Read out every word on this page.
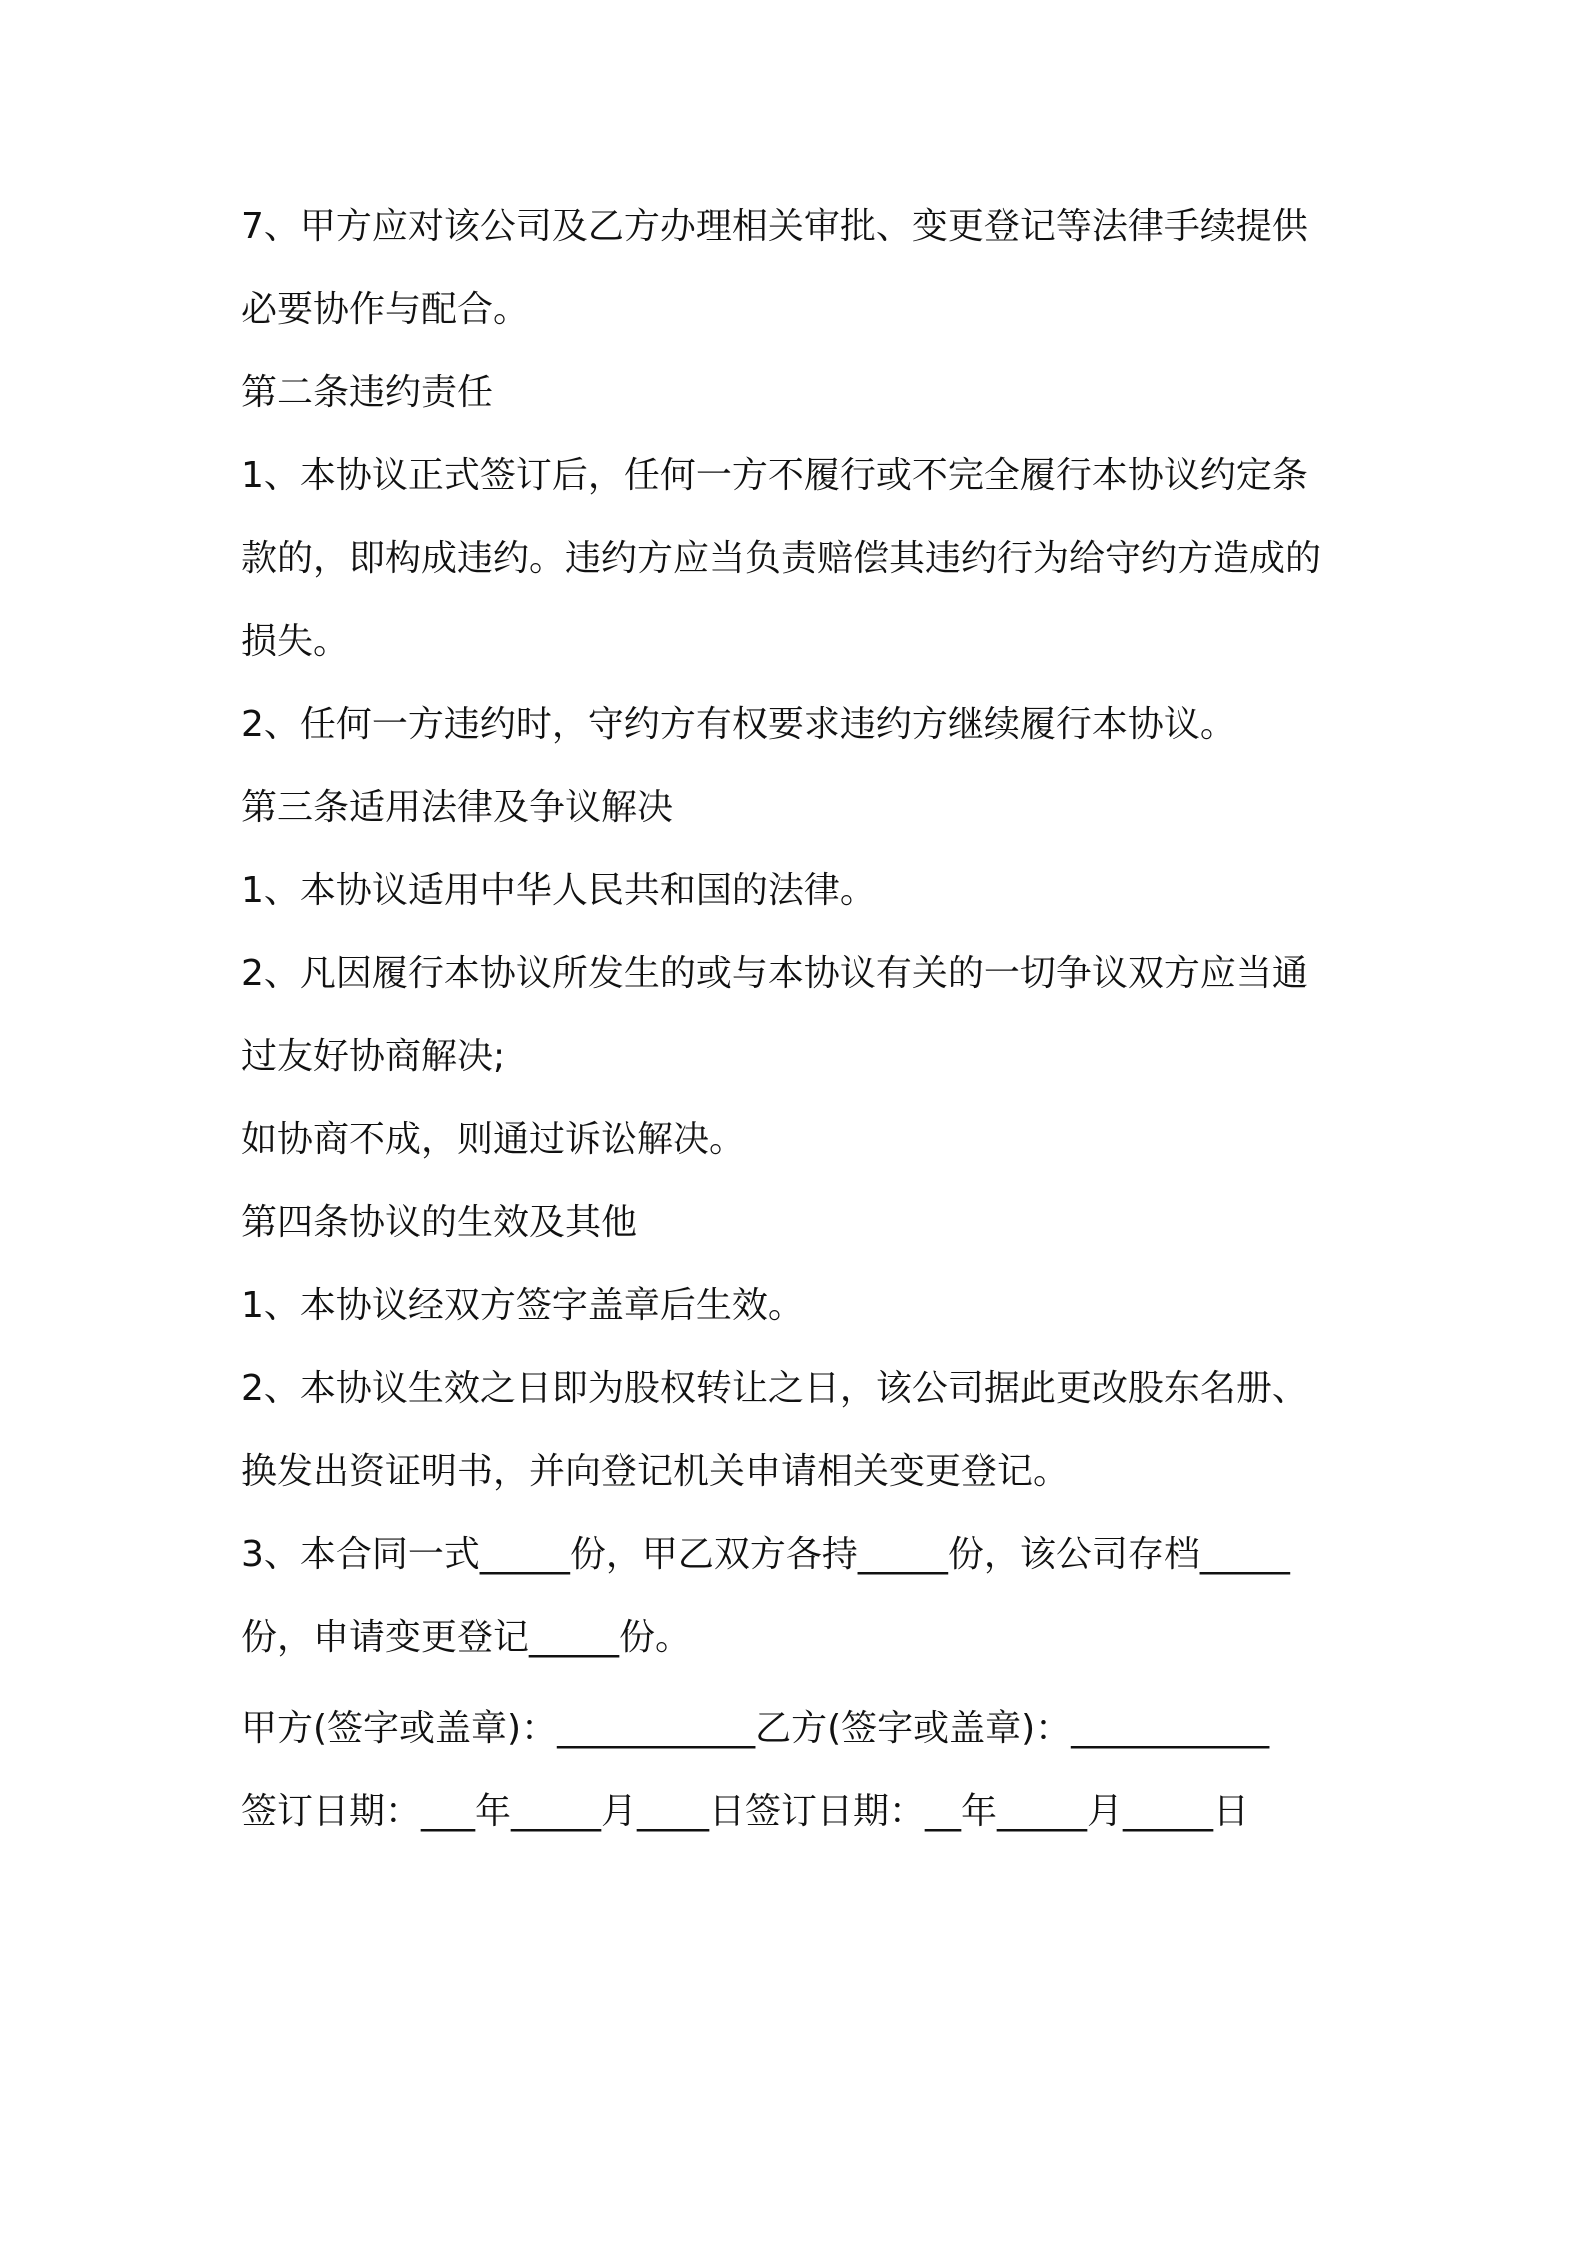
7、甲方应对该公司及乙方办理相关审批、变更登记等法律手续提供
必要协作与配合。
第二条违约责任
1、本协议正式签订后，任何一方不履行或不完全履行本协议约定条
款的，即构成违约。违约方应当负责赔偿其违约行为给守约方造成的
损失。
2、任何一方违约时，守约方有权要求违约方继续履行本协议。
第三条适用法律及争议解决
1、本协议适用中华人民共和国的法律。
2、凡因履行本协议所发生的或与本协议有关的一切争议双方应当通
过友好协商解决;
如协商不成，则通过诉讼解决。
第四条协议的生效及其他
1、本协议经双方签字盖章后生效。
2、本协议生效之日即为股权转让之日，该公司据此更改股东名册、
换发出资证明书，并向登记机关申请相关变更登记。
3、本合同一式_____份，甲乙双方各持_____份，该公司存档_____
份，申请变更登记_____份。
甲方(签字或盖章)：___________乙方(签字或盖章)：___________
签订日期：___年_____月____日签订日期：__年_____月_____日
